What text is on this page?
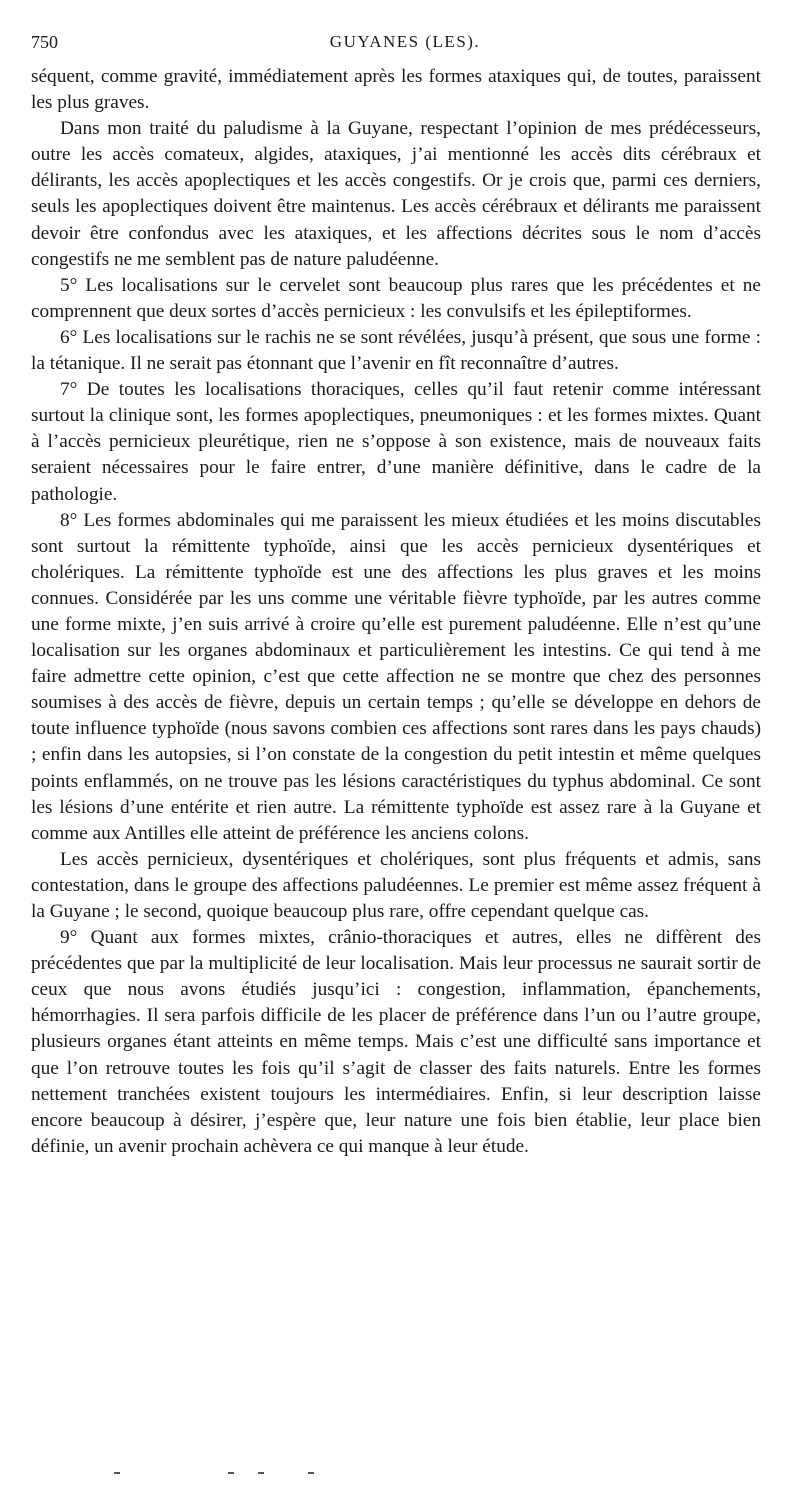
750	GUYANES (LES).

séquent, comme gravité, immédiatement après les formes ataxiques qui, de toutes, paraissent les plus graves.

Dans mon traité du paludisme à la Guyane, respectant l’opinion de mes prédécesseurs, outre les accès comateux, algides, ataxiques, j’ai mentionné les accès dits cérébraux et délirants, les accès apoplectiques et les accès congestifs. Or je crois que, parmi ces derniers, seuls les apoplectiques doivent être maintenus. Les accès cérébraux et délirants me paraissent devoir être confondus avec les ataxiques, et les affections décrites sous le nom d’accès congestifs ne me semblent pas de nature paludéenne.

5° Les localisations sur le cervelet sont beaucoup plus rares que les précédentes et ne comprennent que deux sortes d’accès pernicieux : les convulsifs et les épileptiformes.

6° Les localisations sur le rachis ne se sont révélées, jusqu’à présent, que sous une forme : la tétanique. Il ne serait pas étonnant que l’avenir en fît reconnaître d’autres.

7° De toutes les localisations thoraciques, celles qu’il faut retenir comme intéressant surtout la clinique sont, les formes apoplectiques, pneumoniques : et les formes mixtes. Quant à l’accès pernicieux pleurétique, rien ne s’oppose à son existence, mais de nouveaux faits seraient nécessaires pour le faire entrer, d’une manière définitive, dans le cadre de la pathologie.

8° Les formes abdominales qui me paraissent les mieux étudiées et les moins discutables sont surtout la rémittente typhoïde, ainsi que les accès pernicieux dysentériques et cholériques. La rémittente typhoïde est une des affections les plus graves et les moins connues. Considérée par les uns comme une véritable fièvre typhoïde, par les autres comme une forme mixte, j’en suis arrivé à croire qu’elle est purement paludéenne. Elle n’est qu’une localisation sur les organes abdominaux et particulièrement les intestins. Ce qui tend à me faire admettre cette opinion, c’est que cette affection ne se montre que chez des personnes soumises à des accès de fièvre, depuis un certain temps ; qu’elle se développe en dehors de toute influence typhoïde (nous savons combien ces affections sont rares dans les pays chauds) ; enfin dans les autopsies, si l’on constate de la congestion du petit intestin et même quelques points enflammés, on ne trouve pas les lésions caractéristiques du typhus abdominal. Ce sont les lésions d’une entérite et rien autre. La rémittente typhoïde est assez rare à la Guyane et comme aux Antilles elle atteint de préférence les anciens colons.

Les accès pernicieux, dysentériques et cholériques, sont plus fréquents et admis, sans contestation, dans le groupe des affections paludéennes. Le premier est même assez fréquent à la Guyane ; le second, quoique beaucoup plus rare, offre cependant quelque cas.

9° Quant aux formes mixtes, crânio-thoraciques et autres, elles ne diffèrent des précédentes que par la multiplicité de leur localisation. Mais leur processus ne saurait sortir de ceux que nous avons étudiés jusqu’ici : congestion, inflammation, épanchements, hémorrhagies. Il sera parfois difficile de les placer de préférence dans l’un ou l’autre groupe, plusieurs organes étant atteints en même temps. Mais c’est une difficulté sans importance et que l’on retrouve toutes les fois qu’il s’agit de classer des faits naturels. Entre les formes nettement tranchées existent toujours les intermédiaires. Enfin, si leur description laisse encore beaucoup à désirer, j’espère que, leur nature une fois bien établie, leur place bien définie, un avenir prochain achèvera ce qui manque à leur étude.
